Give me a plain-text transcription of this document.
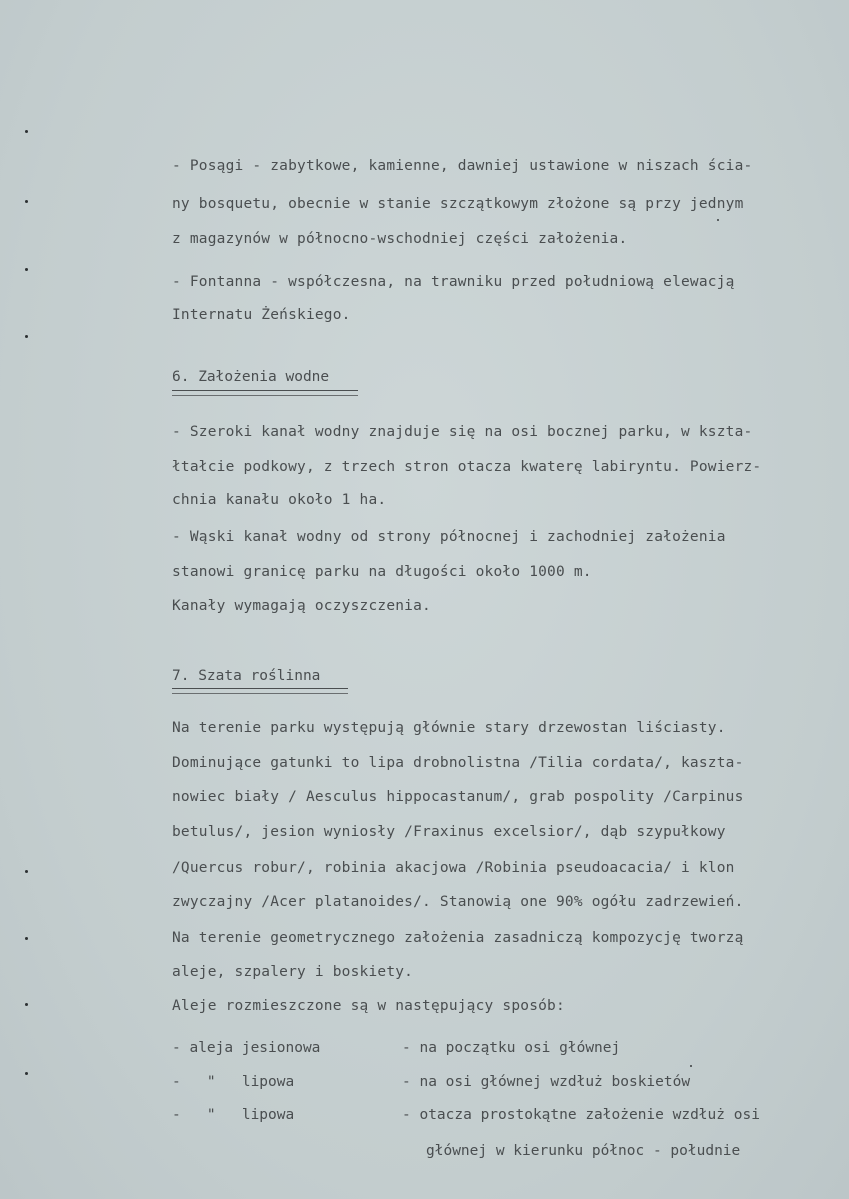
- Posągi - zabytkowe, kamienne, dawniej ustawione w niszach ścia-
ny bosquetu, obecnie w stanie szczątkowym złożone są przy jednym
z magazynów w północno-wschodniej części założenia.
- Fontanna - współczesna, na trawniku przed południową elewacją
Internatu Żeńskiego.
6. Założenia wodne
- Szeroki kanał wodny znajduje się na osi bocznej parku, w kszta-
łtałcie podkowy, z trzech stron otacza kwaterę labiryntu. Powierz-
chnia kanału około 1 ha.
- Wąski kanał wodny od strony północnej i zachodniej założenia
stanowi granicę parku na długości około 1000 m.
Kanały wymagają oczyszczenia.
7. Szata roślinna
Na terenie parku występują głównie stary drzewostan liściasty.
Dominujące gatunki to lipa drobnolistna /Tilia cordata/, kaszta-
nowiec biały / Aesculus hippocastanum/, grab pospolity /Carpinus
betulus/, jesion wyniosły /Fraxinus excelsior/, dąb szypułkowy
/Quercus robur/, robinia akacjowa /Robinia pseudoacacia/ i klon
zwyczajny /Acer platanoides/. Stanowią one 90% ogółu zadrzewień.
Na terenie geometrycznego założenia zasadniczą kompozycję tworzą
aleje, szpalery i boskiety.
Aleje rozmieszczone są w następujący sposób:
- aleja jesionowa	- na początku osi głównej
-   "   lipowa	- na osi głównej wzdłuż boskietów
-   "   lipowa	- otacza prostokątne założenie wzdłuż osi
głównej w kierunku północ - południe
